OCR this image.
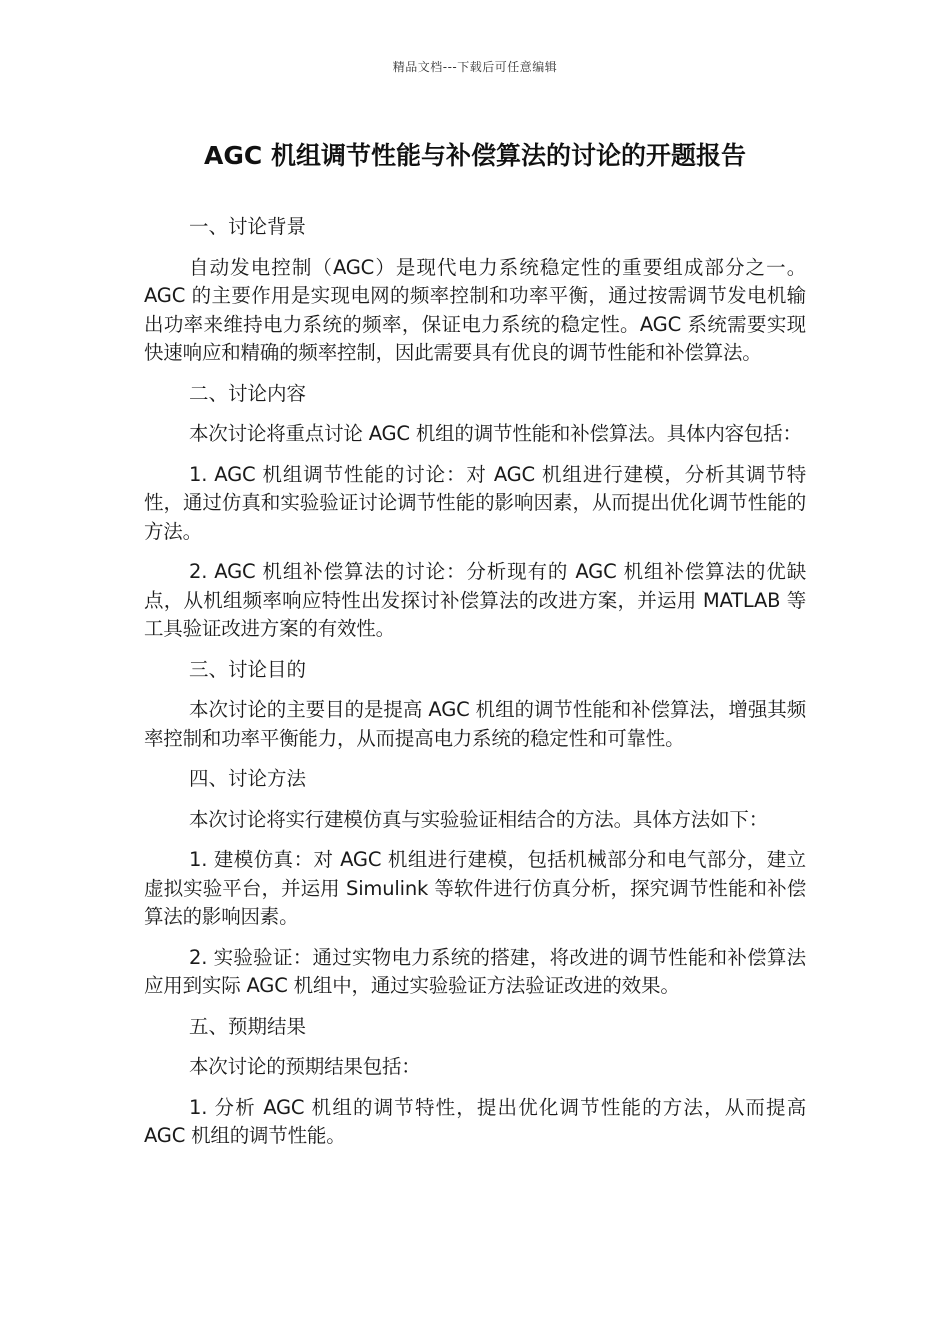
精品文档---下载后可任意编辑
AGC 机组调节性能与补偿算法的讨论的开题报告

一、讨论背景

自动发电控制（AGC）是现代电力系统稳定性的重要组成部分之一。AGC 的主要作用是实现电网的频率控制和功率平衡，通过按需调节发电机输出功率来维持电力系统的频率，保证电力系统的稳定性。AGC 系统需要实现快速响应和精确的频率控制，因此需要具有优良的调节性能和补偿算法。

二、讨论内容

本次讨论将重点讨论 AGC 机组的调节性能和补偿算法。具体内容包括：

1. AGC 机组调节性能的讨论：对 AGC 机组进行建模，分析其调节特性，通过仿真和实验验证讨论调节性能的影响因素，从而提出优化调节性能的方法。

2. AGC 机组补偿算法的讨论：分析现有的 AGC 机组补偿算法的优缺点，从机组频率响应特性出发探讨补偿算法的改进方案，并运用 MATLAB 等工具验证改进方案的有效性。

三、讨论目的

本次讨论的主要目的是提高 AGC 机组的调节性能和补偿算法，增强其频率控制和功率平衡能力，从而提高电力系统的稳定性和可靠性。

四、讨论方法

本次讨论将实行建模仿真与实验验证相结合的方法。具体方法如下：

1. 建模仿真：对 AGC 机组进行建模，包括机械部分和电气部分，建立虚拟实验平台，并运用 Simulink 等软件进行仿真分析，探究调节性能和补偿算法的影响因素。

2. 实验验证：通过实物电力系统的搭建，将改进的调节性能和补偿算法应用到实际 AGC 机组中，通过实验验证方法验证改进的效果。

五、预期结果

本次讨论的预期结果包括：

1. 分析 AGC 机组的调节特性，提出优化调节性能的方法，从而提高 AGC 机组的调节性能。
